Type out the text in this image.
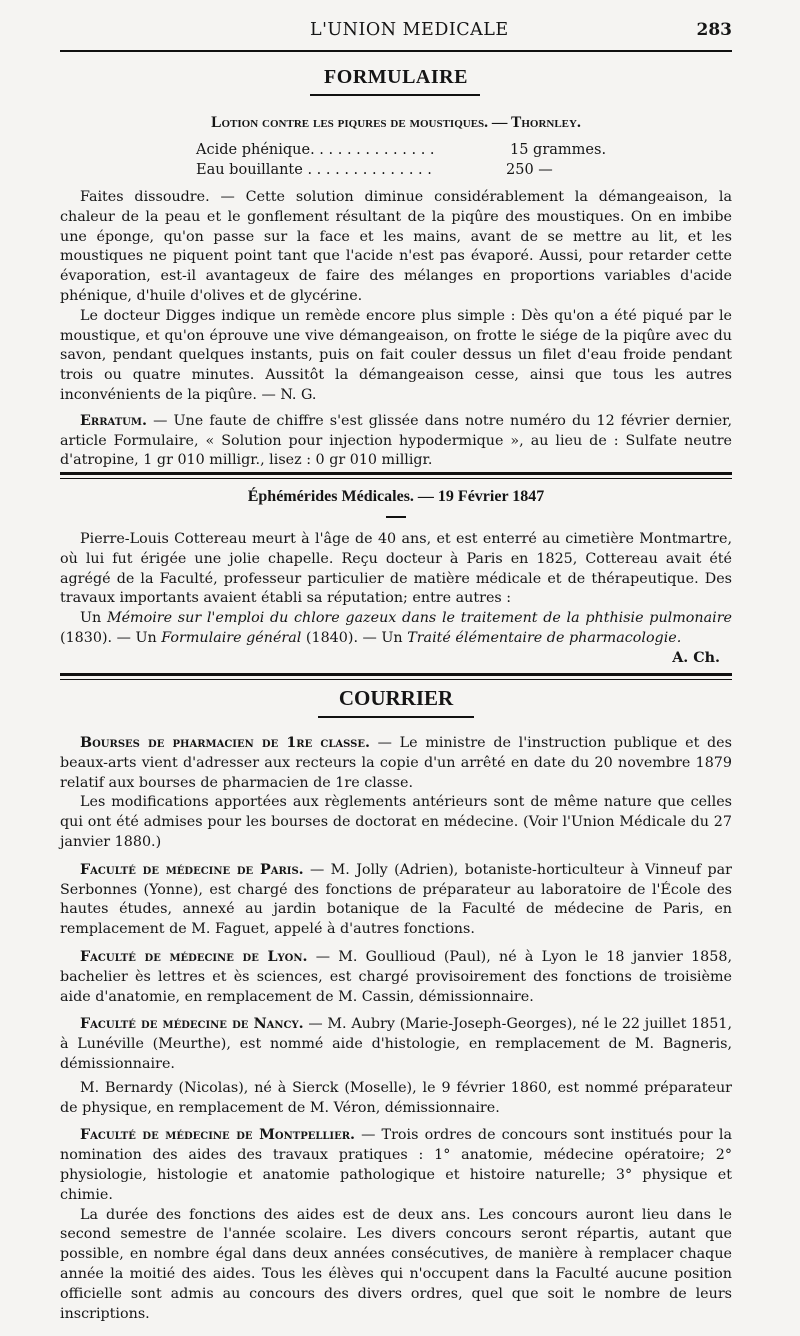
L'UNION MEDICALE	283
FORMULAIRE
Lotion contre les piqures de moustiques. — Thornley.
Acide phénique. . . . . . . . . . . . . .	15 grammes.
Eau bouillante . . . . . . . . . . . . . .	250 —

Faites dissoudre. — Cette solution diminue considérablement la démangeaison, la chaleur de la peau et le gonflement résultant de la piqûre des moustiques. On en imbibe une éponge, qu'on passe sur la face et les mains, avant de se mettre au lit, et les moustiques ne piquent point tant que l'acide n'est pas évaporé. Aussi, pour retarder cette évaporation, est-il avantageux de faire des mélanges en proportions variables d'acide phénique, d'huile d'olives et de glycérine.

Le docteur Digges indique un remède encore plus simple : Dès qu'on a été piqué par le moustique, et qu'on éprouve une vive démangeaison, on frotte le siége de la piqûre avec du savon, pendant quelques instants, puis on fait couler dessus un filet d'eau froide pendant trois ou quatre minutes. Aussitôt la démangeaison cesse, ainsi que tous les autres inconvénients de la piqûre. — N. G.

Erratum. — Une faute de chiffre s'est glissée dans notre numéro du 12 février dernier, article Formulaire, « Solution pour injection hypodermique », au lieu de : Sulfate neutre d'atropine, 1 gr 010 milligr., lisez : 0 gr 010 milligr.

Éphémérides Médicales. — 19 Février 1847

Pierre-Louis Cottereau meurt à l'âge de 40 ans, et est enterré au cimetière Montmartre, où lui fut érigée une jolie chapelle. Reçu docteur à Paris en 1825, Cottereau avait été agrégé de la Faculté, professeur particulier de matière médicale et de thérapeutique. Des travaux importants avaient établi sa réputation; entre autres :

Un Mémoire sur l'emploi du chlore gazeux dans le traitement de la phthisie pulmonaire (1830). — Un Formulaire général (1840). — Un Traité élémentaire de pharmacologie.

A. Ch.

COURRIER

Bourses de pharmacien de 1re classe. — Le ministre de l'instruction publique et des beaux-arts vient d'adresser aux recteurs la copie d'un arrêté en date du 20 novembre 1879 relatif aux bourses de pharmacien de 1re classe.

Les modifications apportées aux règlements antérieurs sont de même nature que celles qui ont été admises pour les bourses de doctorat en médecine. (Voir l'Union Médicale du 27 janvier 1880.)

Faculté de médecine de Paris. — M. Jolly (Adrien), botaniste-horticulteur à Vinneuf par Serbonnes (Yonne), est chargé des fonctions de préparateur au laboratoire de l'École des hautes études, annexé au jardin botanique de la Faculté de médecine de Paris, en remplacement de M. Faguet, appelé à d'autres fonctions.

Faculté de médecine de Lyon. — M. Goullioud (Paul), né à Lyon le 18 janvier 1858, bachelier ès lettres et ès sciences, est chargé provisoirement des fonctions de troisième aide d'anatomie, en remplacement de M. Cassin, démissionnaire.

Faculté de médecine de Nancy. — M. Aubry (Marie-Joseph-Georges), né le 22 juillet 1851, à Lunéville (Meurthe), est nommé aide d'histologie, en remplacement de M. Bagneris, démissionnaire.

M. Bernardy (Nicolas), né à Sierck (Moselle), le 9 février 1860, est nommé préparateur de physique, en remplacement de M. Véron, démissionnaire.

Faculté de médecine de Montpellier. — Trois ordres de concours sont institués pour la nomination des aides des travaux pratiques : 1° anatomie, médecine opératoire; 2° physiologie, histologie et anatomie pathologique et histoire naturelle; 3° physique et chimie.

La durée des fonctions des aides est de deux ans. Les concours auront lieu dans le second semestre de l'année scolaire. Les divers concours seront répartis, autant que possible, en nombre égal dans deux années consécutives, de manière à remplacer chaque année la moitié des aides. Tous les élèves qui n'occupent dans la Faculté aucune position officielle sont admis au concours des divers ordres, quel que soit le nombre de leurs inscriptions.
